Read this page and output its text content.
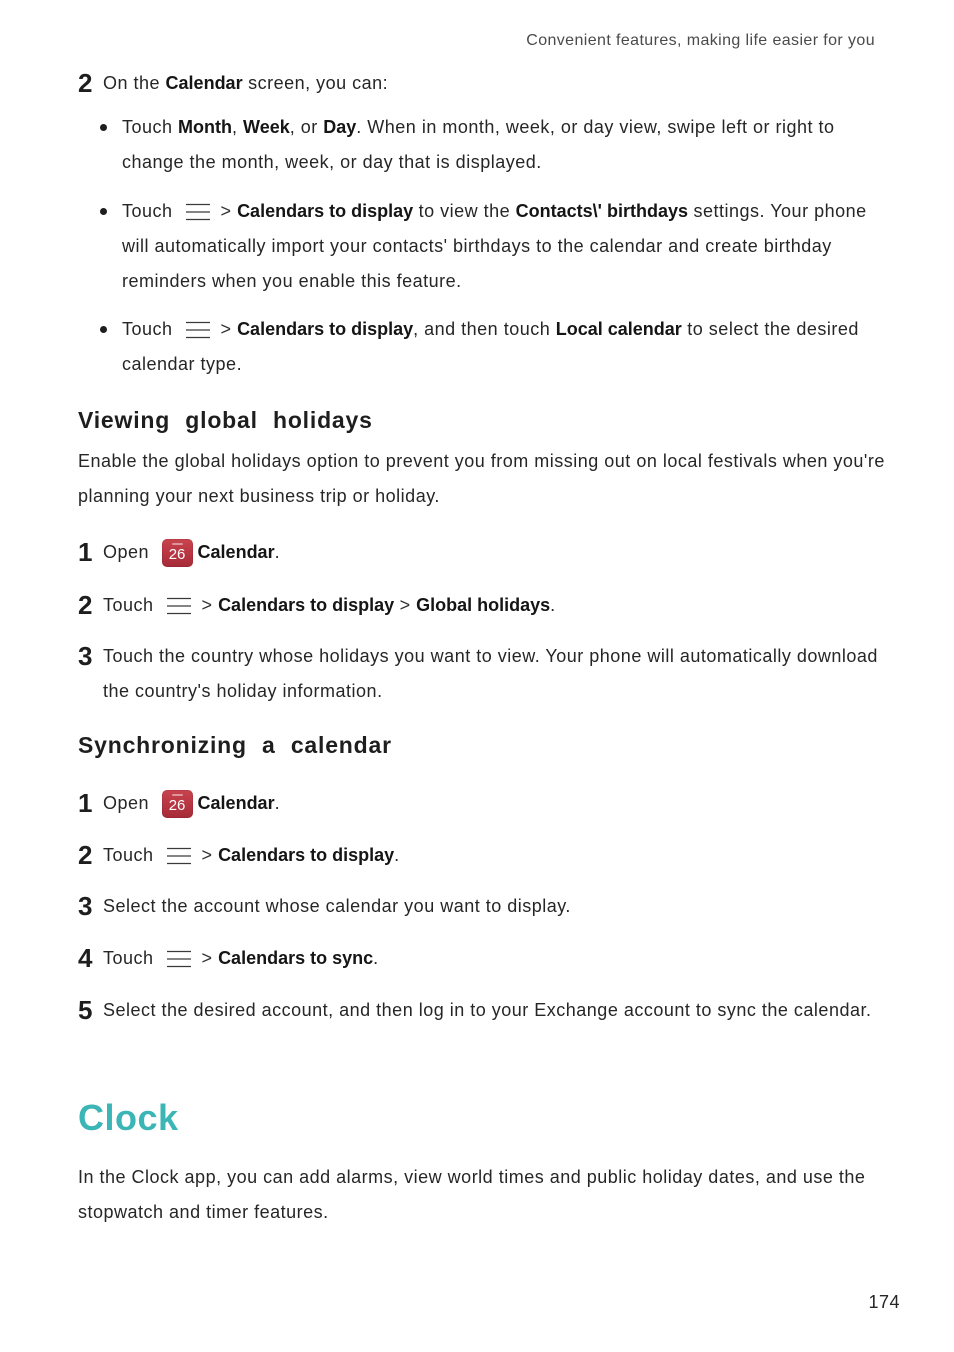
Convenient features, making life easier for you
2 On the Calendar screen, you can:

Touch Month, Week, or Day. When in month, week, or day view, swipe left or right to change the month, week, or day that is displayed.

Touch
> Calendars to display to view the Contacts\' birthdays settings. Your phone will automatically import your contacts' birthdays to the calendar and create birthday reminders when you enable this feature.

Touch
> Calendars to display, and then touch Local calendar to select the desired calendar type.

Viewing global holidays

Enable the global holidays option to prevent you from missing out on local festivals when you're planning your next business trip or holiday.

1 Open 26 Calendar.

2 Touch
> Calendars to display > Global holidays.

3 Touch the country whose holidays you want to view. Your phone will automatically download the country's holiday information.

Synchronizing a calendar
1 Open 26 Calendar.

2 Touch
> Calendars to display.

3 Select the account whose calendar you want to display.

4 Touch
> Calendars to sync.

5 Select the desired account, and then log in to your Exchange account to sync the calendar.

Clock

In the Clock app, you can add alarms, view world times and public holiday dates, and use the stopwatch and timer features.

174
